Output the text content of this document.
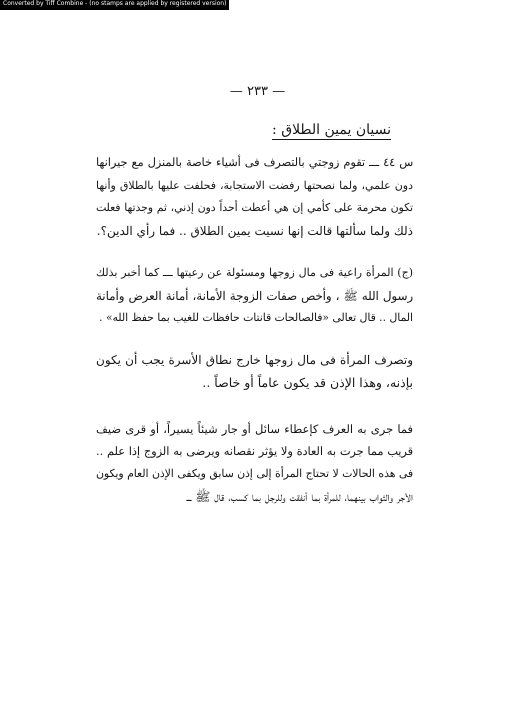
Converted by Tiff Combine - (no stamps are applied by registered version)
— ٢٣٣ —
نسيان يمين الطلاق :
س ٤٤ ـــ تقوم زوجتي بالتصرف فى أشياء خاصة بالمنزل مع جيرانها
دون علمي، ولما نصحتها رفضت الاستجابة، فحلفت عليها بالطلاق وأنها
تكون محرمة على كأمي إن هي أعطت أحداً دون إذني، ثم وجدتها فعلت
ذلك ولما سألتها قالت إنها نسيت يمين الطلاق .. فما رأي الدين؟.
(ج) المرأة راعية فى مال زوجها ومسئولة عن رعيتها ـــ كما أخبر بذلك
رسول الله ﷺ ، وأخص صفات الزوجة الأمانة، أمانة العرض وأمانة
المال .. قال تعالى «فالصالحات قانتات حافظات للغيب بما حفظ الله» .
وتصرف المرأة فى مال زوجها خارج نطاق الأسرة يجب أن يكون
بإذنه، وهذا الإذن قد يكون عاماً أو خاصاً ..
فما جرى به العرف كإعطاء سائل أو جار شيئاً يسيراً، أو قرى ضيف
قريب مما جرت به العادة ولا يؤثر نقصانه ويرضى به الزوج إذا علم ..
فى هذه الحالات لا تحتاج المرأة إلى إذن سابق ويكفى الإذن العام ويكون
الأجر والثواب بينهما، للمرأة بما أنفقت وللرجل بما كسب، قال ﷺ ـــ
